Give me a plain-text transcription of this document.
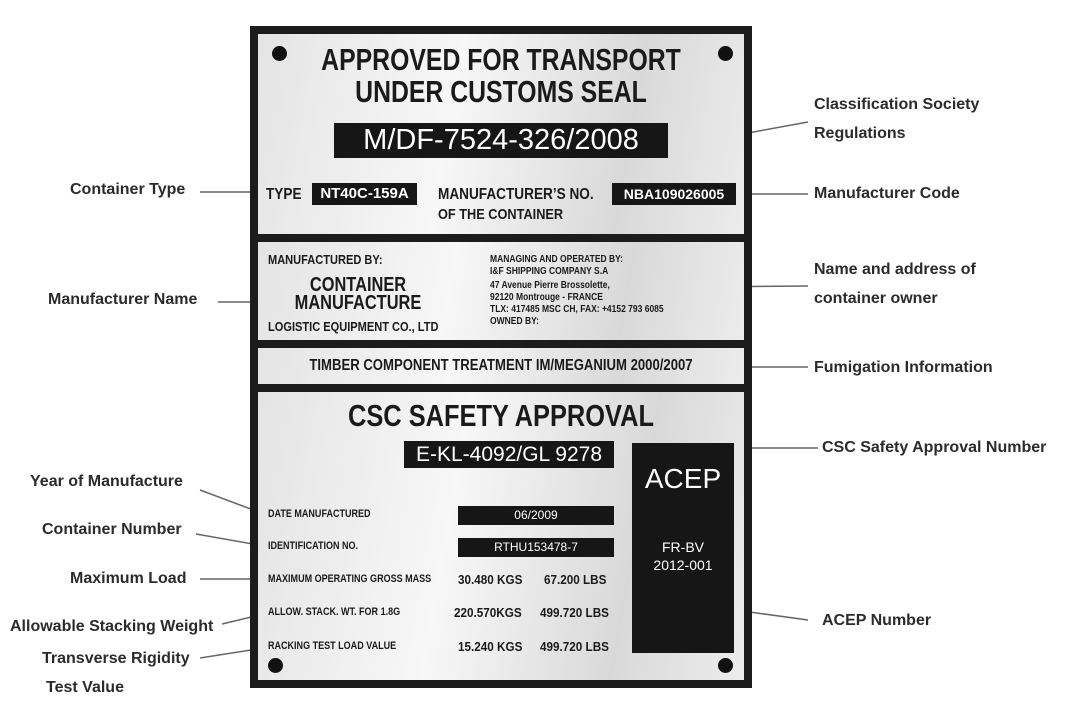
APPROVED FOR TRANSPORT
UNDER CUSTOMS SEAL
M/DF-7524-326/2008
TYPE	NT40C-159A	MANUFACTURER’S NO.
OF THE CONTAINER
NBA109026005
MANUFACTURED BY:
CONTAINER
MANUFACTURE
LOGISTIC EQUIPMENT CO., LTD
MANAGING AND OPERATED BY:
I&F SHIPPING COMPANY S.A
47 Avenue Pierre Brossolette,
92120 Montrouge - FRANCE
TLX: 417485 MSC CH, FAX: +4152 793 6085
OWNED BY:
TIMBER COMPONENT TREATMENT IM/MEGANIUM 2000/2007
CSC SAFETY APPROVAL
E-KL-4092/GL 9278
ACEP
FR-BV
2012-001
DATE MANUFACTURED	06/2009
IDENTIFICATION NO.	RTHU153478-7
MAXIMUM OPERATING GROSS MASS 30.480 KGS 67.200 LBS
ALLOW. STACK. WT. FOR 1.8G	220.570KGS 499.720 LBS
RACKING TEST LOAD VALUE	15.240 KGS 499.720 LBS
Classification Society
Regulations
Container Type	Manufacturer Code
Manufacturer Name
Name and address of
container owner
Fumigation Information
CSC Safety Approval Number
Year of Manufacture
Container Number
Maximum Load
Allowable Stacking Weight
Transverse Rigidity
Test Value
ACEP Number
